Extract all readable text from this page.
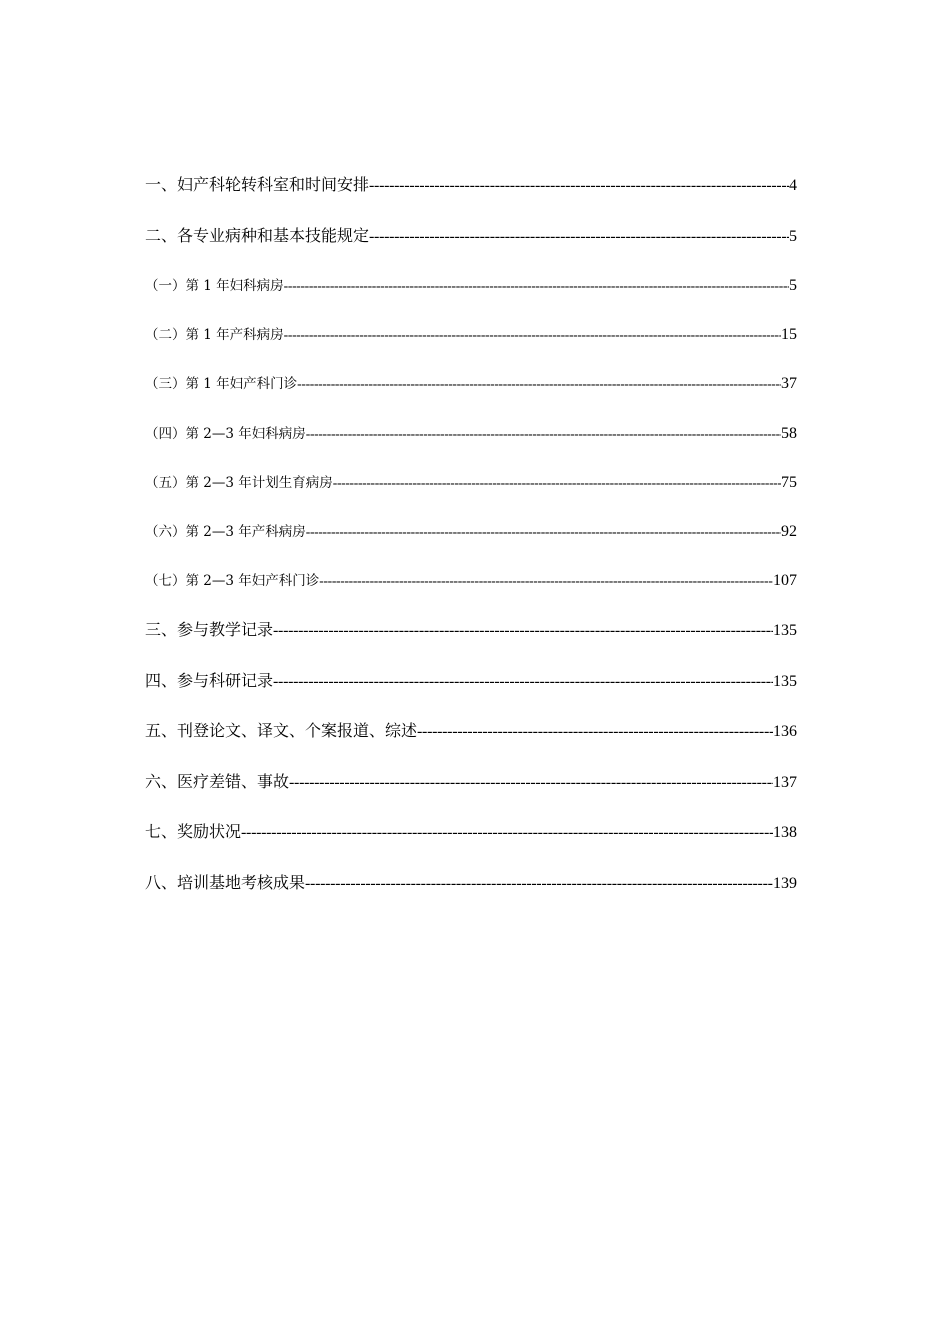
一、妇产科轮转科室和时间安排 -----	4
二、各专业病种和基本技能规定 -----	5
（一）第 1 年妇科病房 -----	5
（二）第 1 年产科病房 -----	15
（三）第 1 年妇产科门诊 -----	37
（四）第 2—3 年妇科病房 -----	58
（五）第 2—3 年计划生育病房 -----	75
（六）第 2—3 年产科病房 -----	92
（七）第 2—3 年妇产科门诊 -----	107
三、参与教学记录 -----	135
四、参与科研记录 -----	135
五、刊登论文、译文、个案报道、综述 -----	136
六、医疗差错、事故 -----	137
七、奖励状况 -----	138
八、培训基地考核成果 -----	139
